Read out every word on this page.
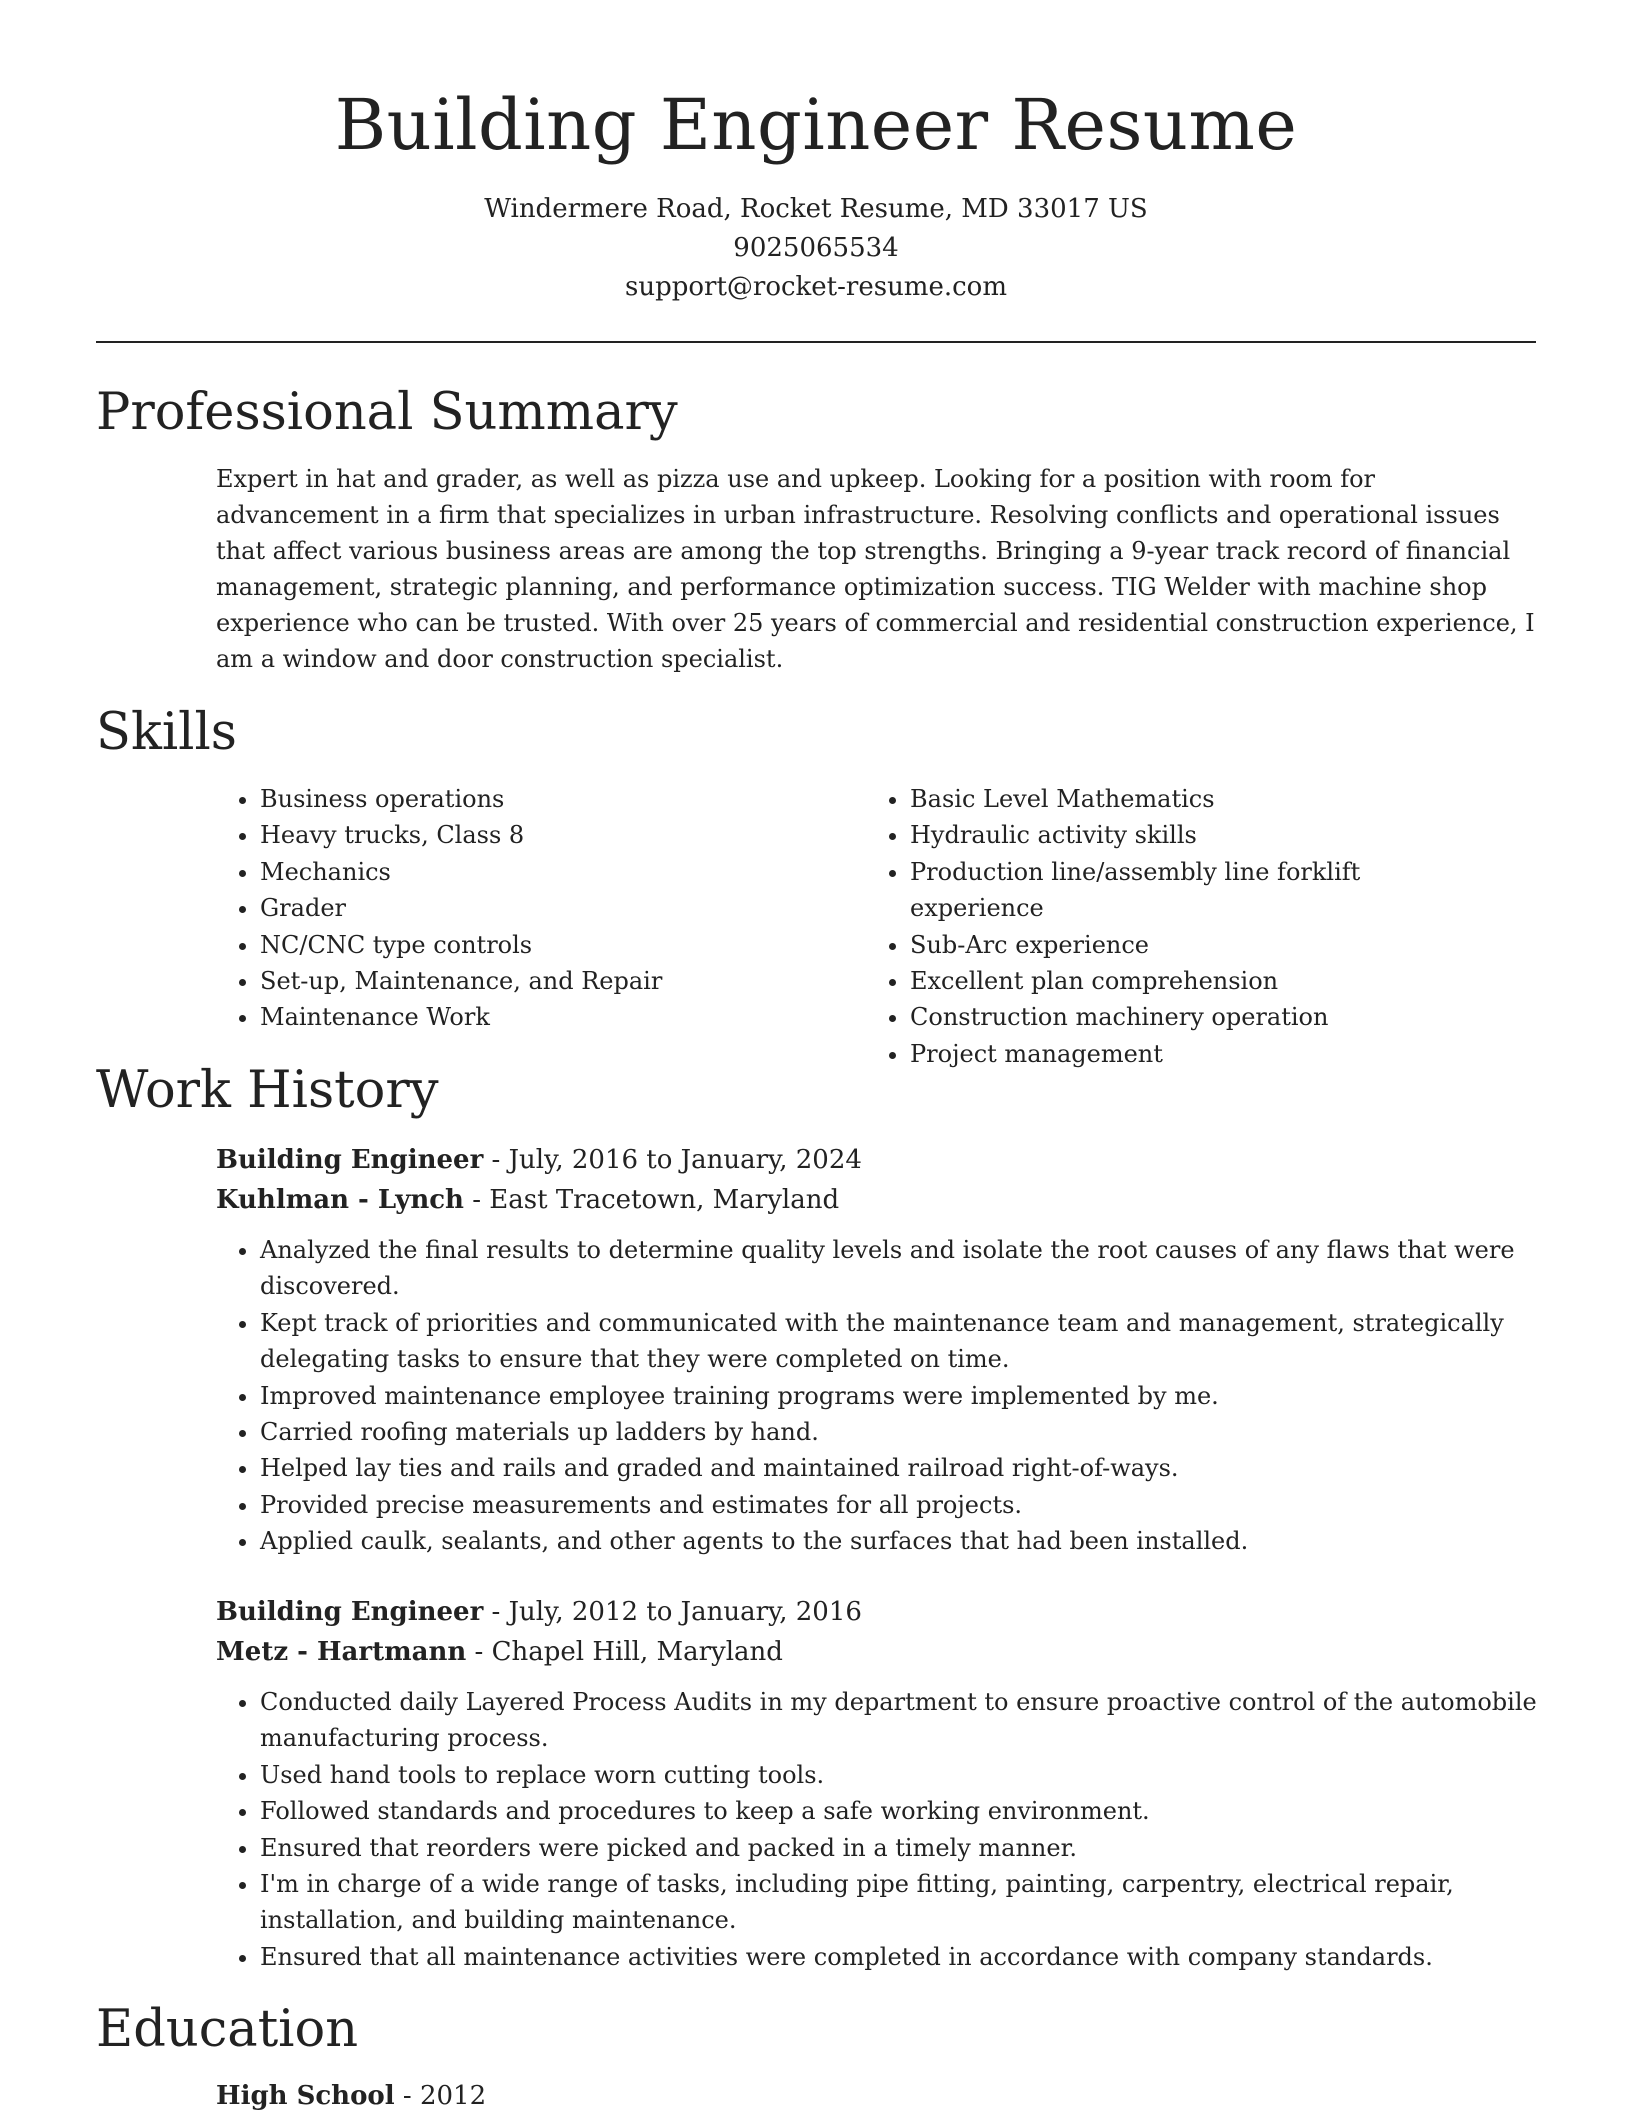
Building Engineer Resume
Windermere Road, Rocket Resume, MD 33017 US
9025065534
support@rocket-resume.com
Professional Summary

Expert in hat and grader, as well as pizza use and upkeep. Looking for a position with room for advancement in a firm that specializes in urban infrastructure. Resolving conflicts and operational issues that affect various business areas are among the top strengths. Bringing a 9-year track record of financial management, strategic planning, and performance optimization success. TIG Welder with machine shop experience who can be trusted. With over 25 years of commercial and residential construction experience, I am a window and door construction specialist.

Skills
• Business operations
• Heavy trucks, Class 8
• Mechanics
• Grader
• NC/CNC type controls
• Set-up, Maintenance, and Repair
• Maintenance Work
• Basic Level Mathematics
• Hydraulic activity skills
• Production line/assembly line forklift experience
• Sub-Arc experience
• Excellent plan comprehension
• Construction machinery operation
• Project management
Work History
Building Engineer - July, 2016 to January, 2024
Kuhlman - Lynch - East Tracetown, Maryland
• Analyzed the final results to determine quality levels and isolate the root causes of any flaws that were discovered.
• Kept track of priorities and communicated with the maintenance team and management, strategically delegating tasks to ensure that they were completed on time.
• Improved maintenance employee training programs were implemented by me.
• Carried roofing materials up ladders by hand.
• Helped lay ties and rails and graded and maintained railroad right-of-ways.
• Provided precise measurements and estimates for all projects.
• Applied caulk, sealants, and other agents to the surfaces that had been installed.
Building Engineer - July, 2012 to January, 2016
Metz - Hartmann - Chapel Hill, Maryland
• Conducted daily Layered Process Audits in my department to ensure proactive control of the automobile manufacturing process.
• Used hand tools to replace worn cutting tools.
• Followed standards and procedures to keep a safe working environment.
• Ensured that reorders were picked and packed in a timely manner.
• I'm in charge of a wide range of tasks, including pipe fitting, painting, carpentry, electrical repair, installation, and building maintenance.
• Ensured that all maintenance activities were completed in accordance with company standards.
Education
High School - 2012
